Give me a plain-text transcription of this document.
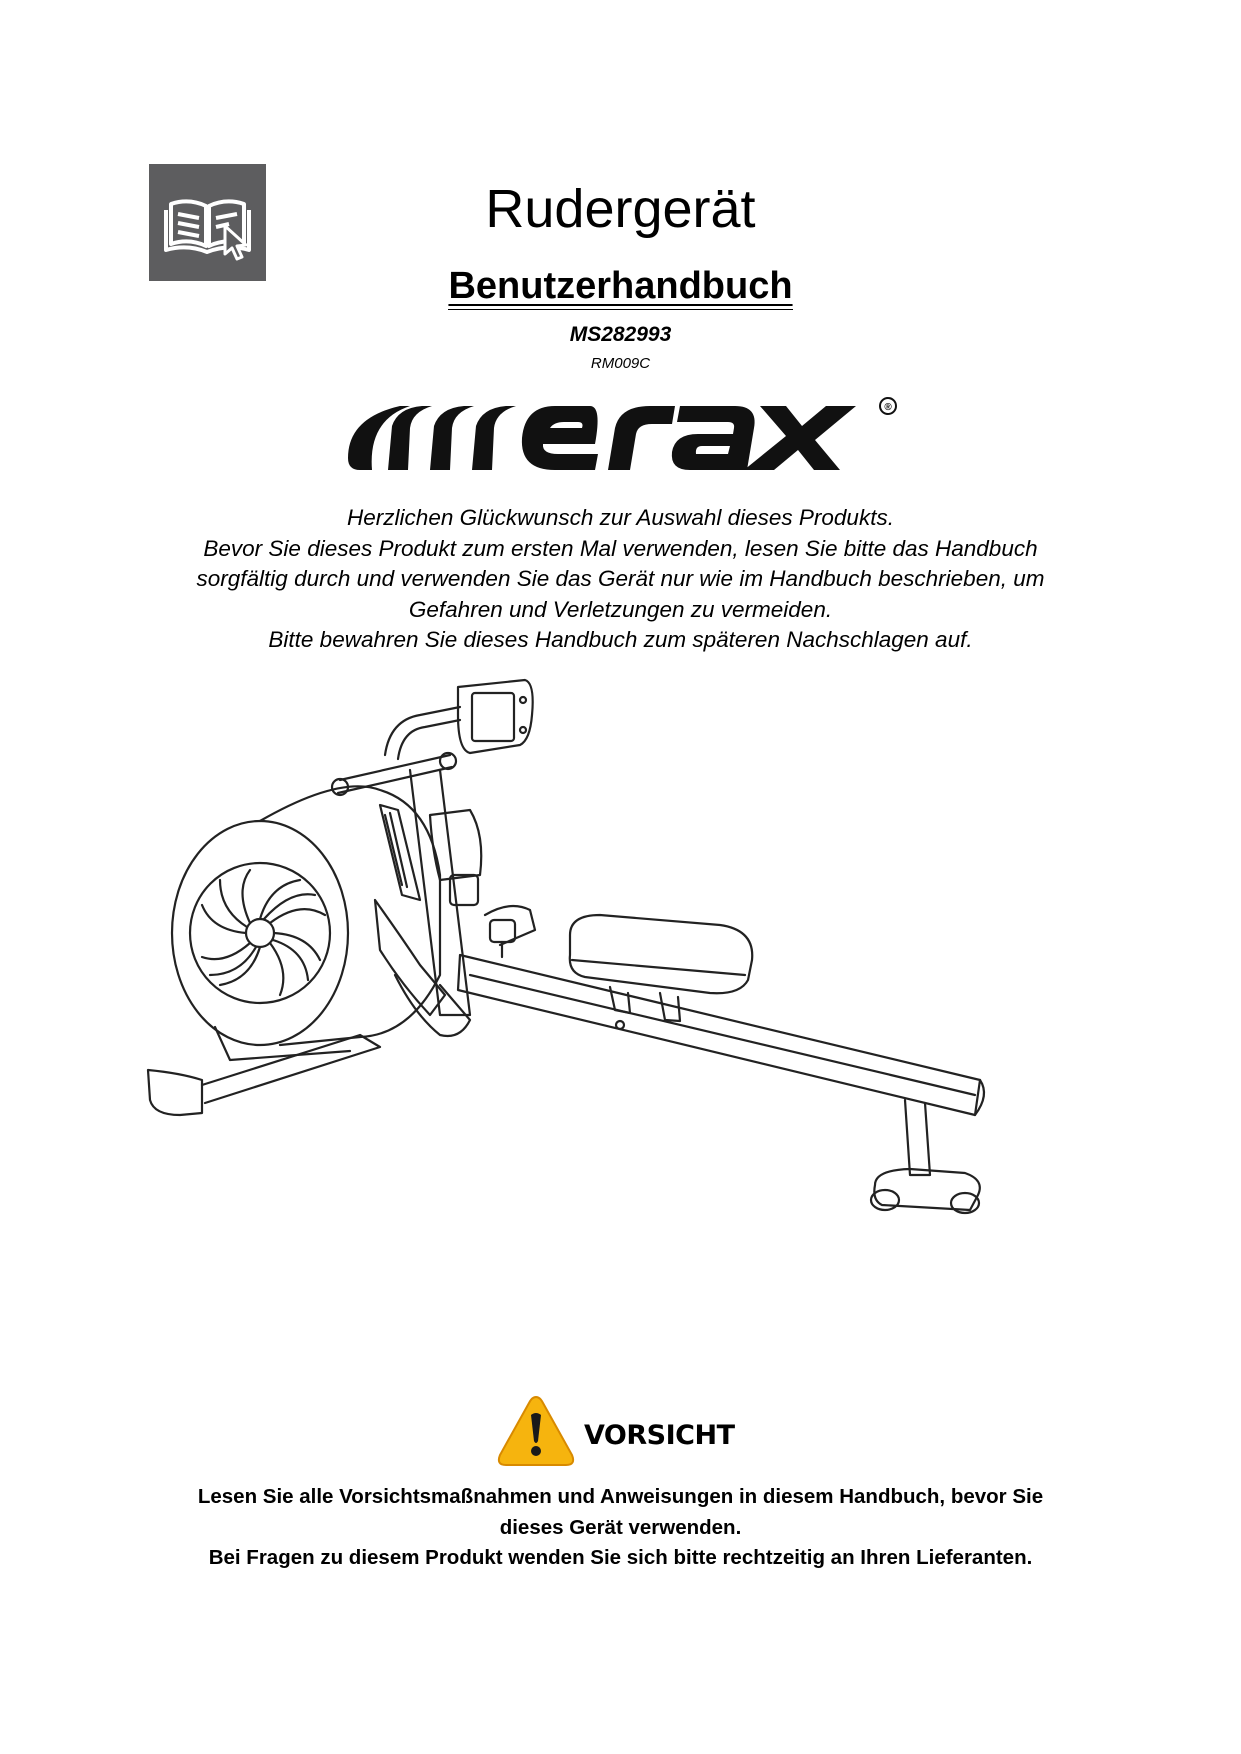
Rudergerät
Benutzerhandbuch
MS282993
RM009C
®
Herzlichen Glückwunsch zur Auswahl dieses Produkts.
Bevor Sie dieses Produkt zum ersten Mal verwenden, lesen Sie bitte das Handbuch
sorgfältig durch und verwenden Sie das Gerät nur wie im Handbuch beschrieben, um
Gefahren und Verletzungen zu vermeiden.
Bitte bewahren Sie dieses Handbuch zum späteren Nachschlagen auf.
VORSICHT
Lesen Sie alle Vorsichtsmaßnahmen und Anweisungen in diesem Handbuch, bevor Sie
dieses Gerät verwenden.
Bei Fragen zu diesem Produkt wenden Sie sich bitte rechtzeitig an Ihren Lieferanten.
